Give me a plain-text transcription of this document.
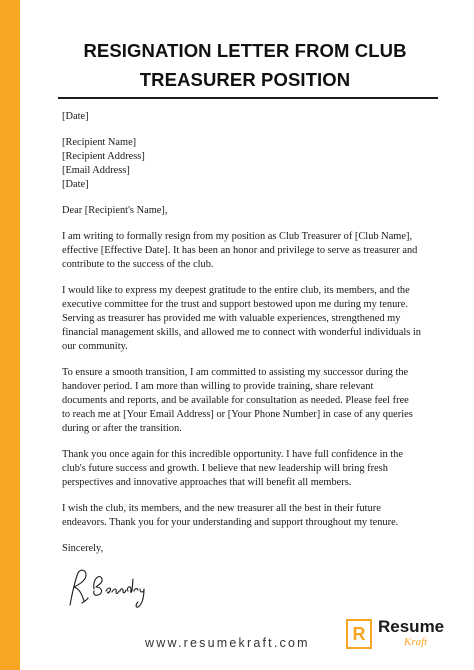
RESIGNATION LETTER FROM CLUB
TREASURER POSITION
[Date]
[Recipient Name]
[Recipient Address]
[Email Address]
[Date]
Dear [Recipient's Name],
I am writing to formally resign from my position as Club Treasurer of [Club Name],
effective [Effective Date]. It has been an honor and privilege to serve as treasurer and
contribute to the success of the club.
I would like to express my deepest gratitude to the entire club, its members, and the
executive committee for the trust and support bestowed upon me during my tenure.
Serving as treasurer has provided me with valuable experiences, strengthened my
financial management skills, and allowed me to connect with wonderful individuals in
our community.
To ensure a smooth transition, I am committed to assisting my successor during the
handover period. I am more than willing to provide training, share relevant
documents and reports, and be available for consultation as needed. Please feel free
to reach me at [Your Email Address] or [Your Phone Number] in case of any queries
during or after the transition.
Thank you once again for this incredible opportunity. I have full confidence in the
club's future success and growth. I believe that new leadership will bring fresh
perspectives and innovative approaches that will benefit all members.
I wish the club, its members, and the new treasurer all the best in their future
endeavors. Thank you for your understanding and support throughout my tenure.
Sincerely,
www.resumekraft.com	R Resume
Kraft
